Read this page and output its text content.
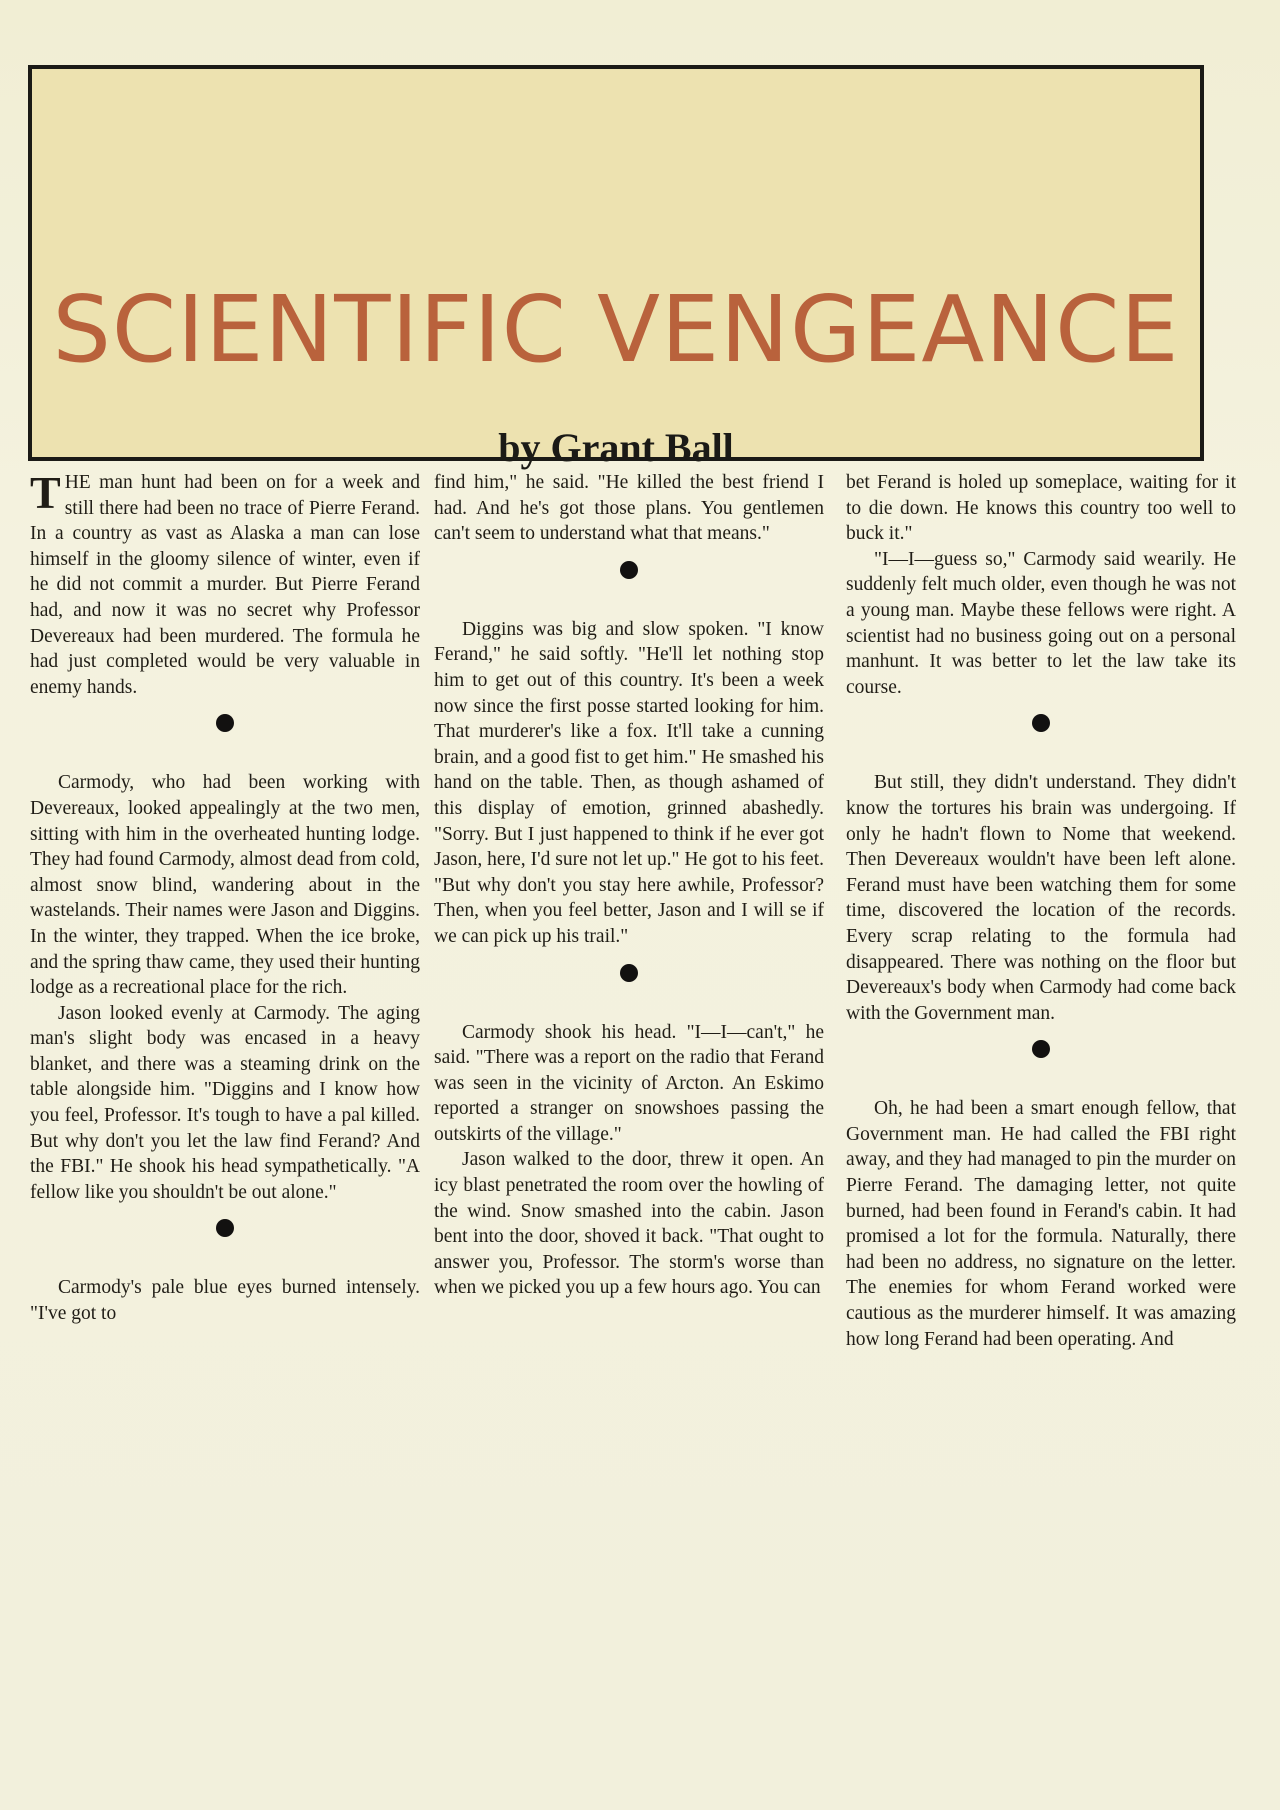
SCIENTIFIC VENGEANCE
by Grant Ball

THE man hunt had been on for a week and still there had been no trace of Pierre Ferand. In a country as vast as Alaska a man can lose himself in the gloomy silence of winter, even if he did not commit a murder. But Pierre Ferand had, and now it was no secret why Professor Devereaux had been murdered. The formula he had just completed would be very valuable in enemy hands.

Carmody, who had been working with Devereaux, looked appealingly at the two men, sitting with him in the overheated hunting lodge. They had found Carmody, almost dead from cold, almost snow blind, wandering about in the wastelands. Their names were Jason and Diggins. In the winter, they trapped. When the ice broke, and the spring thaw came, they used their hunting lodge as a recreational place for the rich.

Jason looked evenly at Carmody. The aging man's slight body was encased in a heavy blanket, and there was a steaming drink on the table alongside him. "Diggins and I know how you feel, Professor. It's tough to have a pal killed. But why don't you let the law find Ferand? And the FBI." He shook his head sympathetically. "A fellow like you shouldn't be out alone."

Carmody's pale blue eyes burned intensely. "I've got to

find him," he said. "He killed the best friend I had. And he's got those plans. You gentlemen can't seem to understand what that means."

Diggins was big and slow spoken. "I know Ferand," he said softly. "He'll let nothing stop him to get out of this country. It's been a week now since the first posse started looking for him. That murderer's like a fox. It'll take a cunning brain, and a good fist to get him." He smashed his hand on the table. Then, as though ashamed of this display of emotion, grinned abashedly. "Sorry. But I just happened to think if he ever got Jason, here, I'd sure not let up." He got to his feet. "But why don't you stay here awhile, Professor? Then, when you feel better, Jason and I will se if we can pick up his trail."

Carmody shook his head. "I—I—can't," he said. "There was a report on the radio that Ferand was seen in the vicinity of Arcton. An Eskimo reported a stranger on snowshoes passing the outskirts of the village."

Jason walked to the door, threw it open. An icy blast penetrated the room over the howling of the wind. Snow smashed into the cabin. Jason bent into the door, shoved it back. "That ought to answer you, Professor. The storm's worse than when we picked you up a few hours ago. You can

bet Ferand is holed up someplace, waiting for it to die down. He knows this country too well to buck it."

"I—I—guess so," Carmody said wearily. He suddenly felt much older, even though he was not a young man. Maybe these fellows were right. A scientist had no business going out on a personal manhunt. It was better to let the law take its course.

But still, they didn't understand. They didn't know the tortures his brain was undergoing. If only he hadn't flown to Nome that weekend. Then Devereaux wouldn't have been left alone. Ferand must have been watching them for some time, discovered the location of the records. Every scrap relating to the formula had disappeared. There was nothing on the floor but Devereaux's body when Carmody had come back with the Government man.

Oh, he had been a smart enough fellow, that Government man. He had called the FBI right away, and they had managed to pin the murder on Pierre Ferand. The damaging letter, not quite burned, had been found in Ferand's cabin. It had promised a lot for the formula. Naturally, there had been no address, no signature on the letter. The enemies for whom Ferand worked were cautious as the murderer himself. It was amazing how long Ferand had been operating. And
